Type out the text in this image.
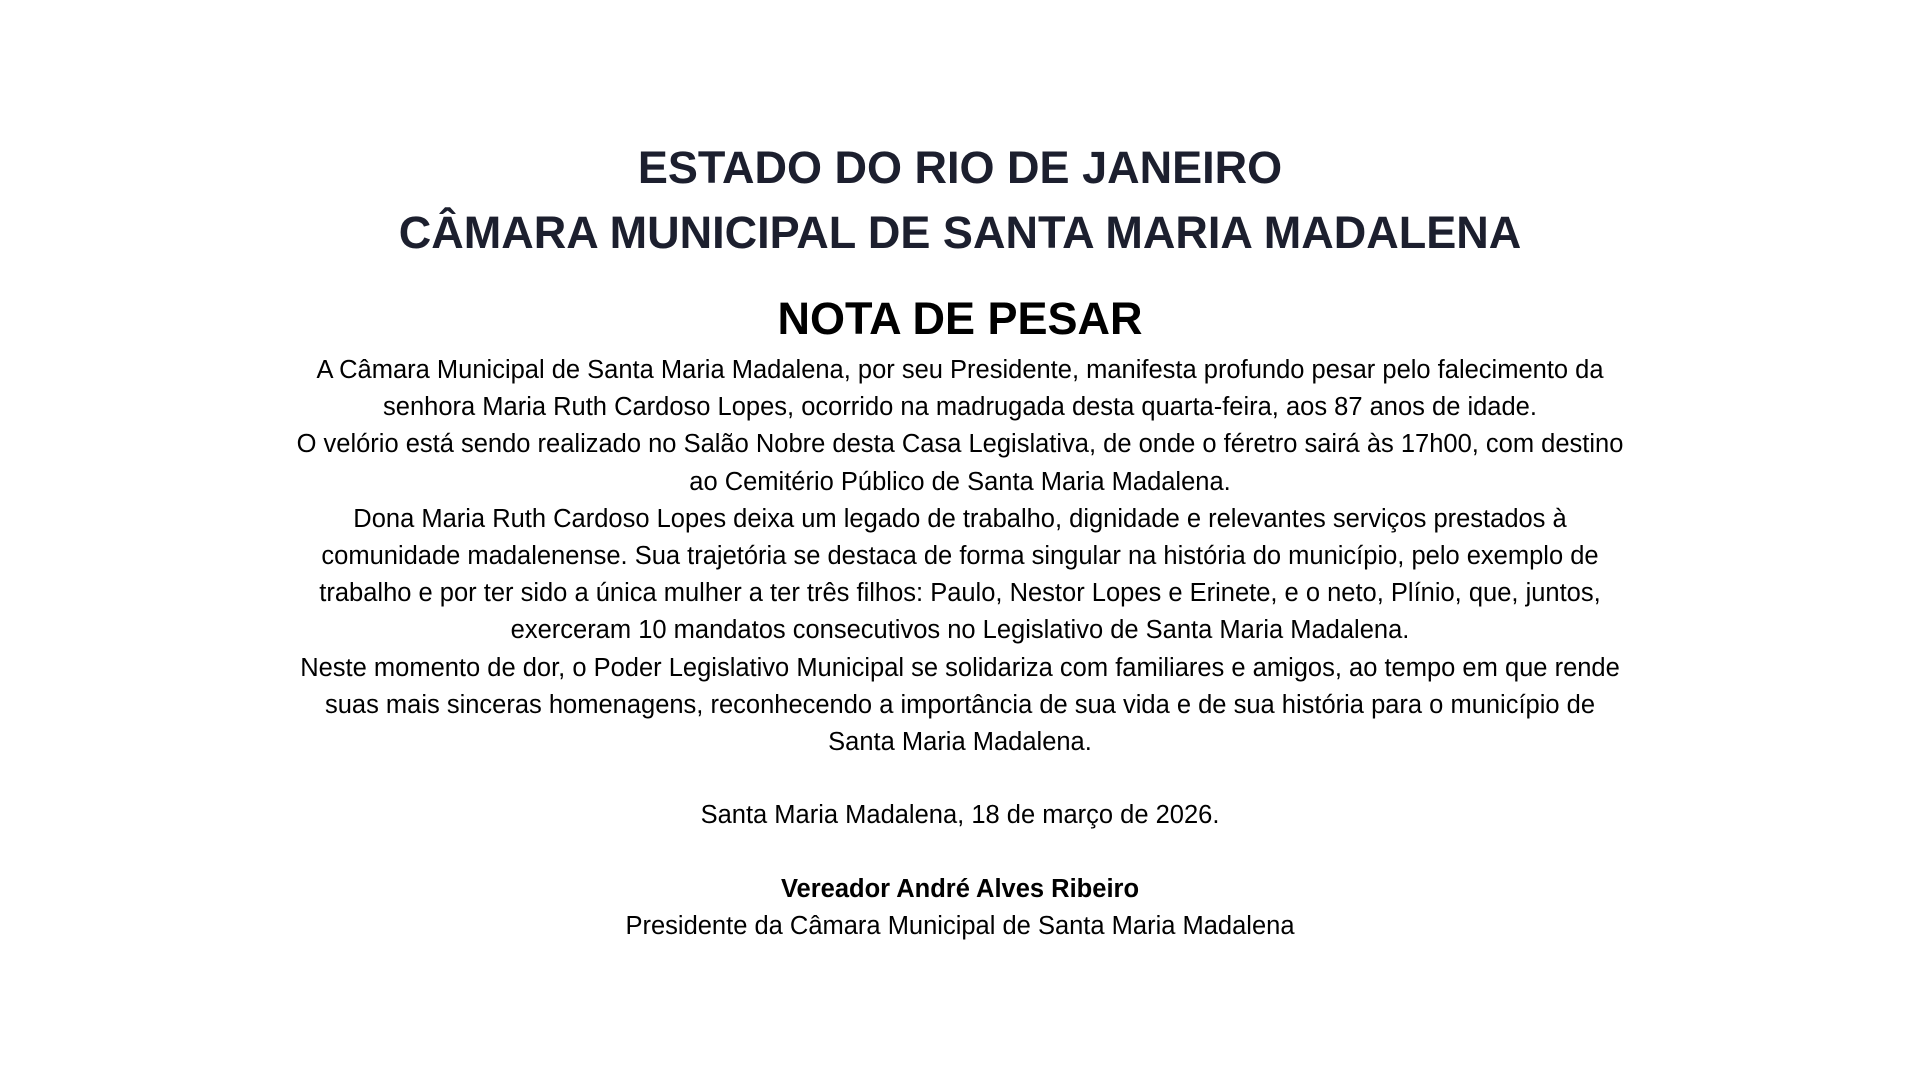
ESTADO DO RIO DE JANEIRO
CÂMARA MUNICIPAL DE SANTA MARIA MADALENA
NOTA DE PESAR

A Câmara Municipal de Santa Maria Madalena, por seu Presidente, manifesta profundo pesar pelo falecimento da senhora Maria Ruth Cardoso Lopes, ocorrido na madrugada desta quarta-feira, aos 87 anos de idade.

O velório está sendo realizado no Salão Nobre desta Casa Legislativa, de onde o féretro sairá às 17h00, com destino ao Cemitério Público de Santa Maria Madalena.

Dona Maria Ruth Cardoso Lopes deixa um legado de trabalho, dignidade e relevantes serviços prestados à comunidade madalenense. Sua trajetória se destaca de forma singular na história do município, pelo exemplo de trabalho e por ter sido a única mulher a ter três filhos: Paulo, Nestor Lopes e Erinete, e o neto, Plínio, que, juntos, exerceram 10 mandatos consecutivos no Legislativo de Santa Maria Madalena.

Neste momento de dor, o Poder Legislativo Municipal se solidariza com familiares e amigos, ao tempo em que rende suas mais sinceras homenagens, reconhecendo a importância de sua vida e de sua história para o município de Santa Maria Madalena.

Santa Maria Madalena, 18 de março de 2026.
Vereador André Alves Ribeiro
Presidente da Câmara Municipal de Santa Maria Madalena
